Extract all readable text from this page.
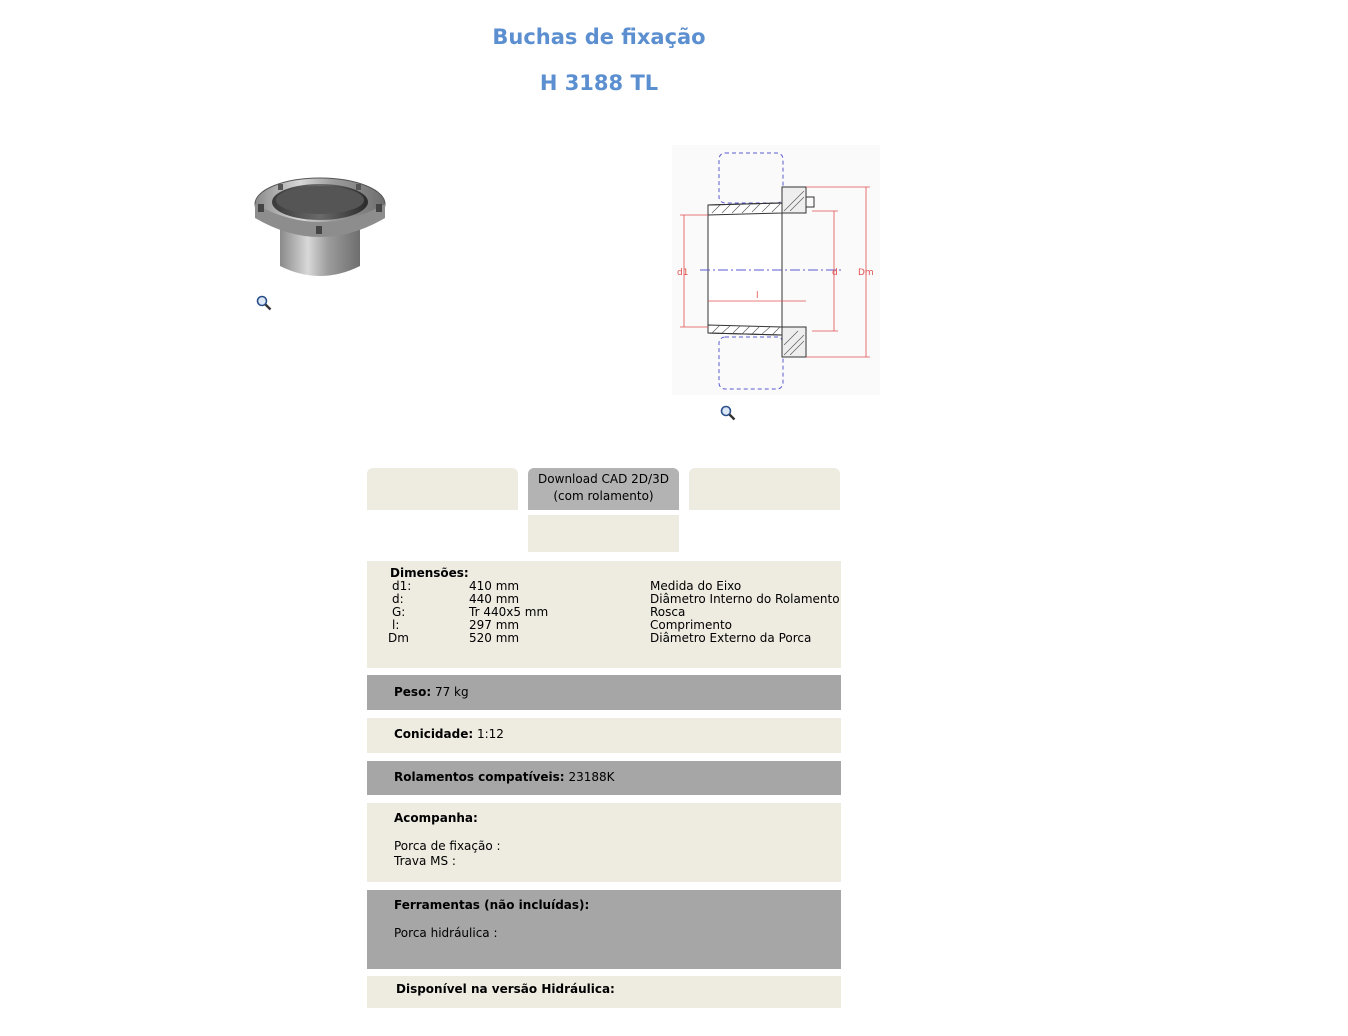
Buchas de fixação
H 3188 TL
d1	d Dm
l
Download CAD 2D/3D
(com rolamento)
Dimensões:
d1:	410 mm	Medida do Eixo
d:	440 mm	Diâmetro Interno do Rolamento
G:	Tr 440x5 mm	Rosca
l:	297 mm	Comprimento
Dm	520 mm	Diâmetro Externo da Porca
Peso: 77 kg
Conicidade: 1:12
Rolamentos compatíveis: 23188K
Acompanha:
Porca de fixação :
Trava MS :
Ferramentas (não incluídas):
Porca hidráulica :
Disponível na versão Hidráulica:
